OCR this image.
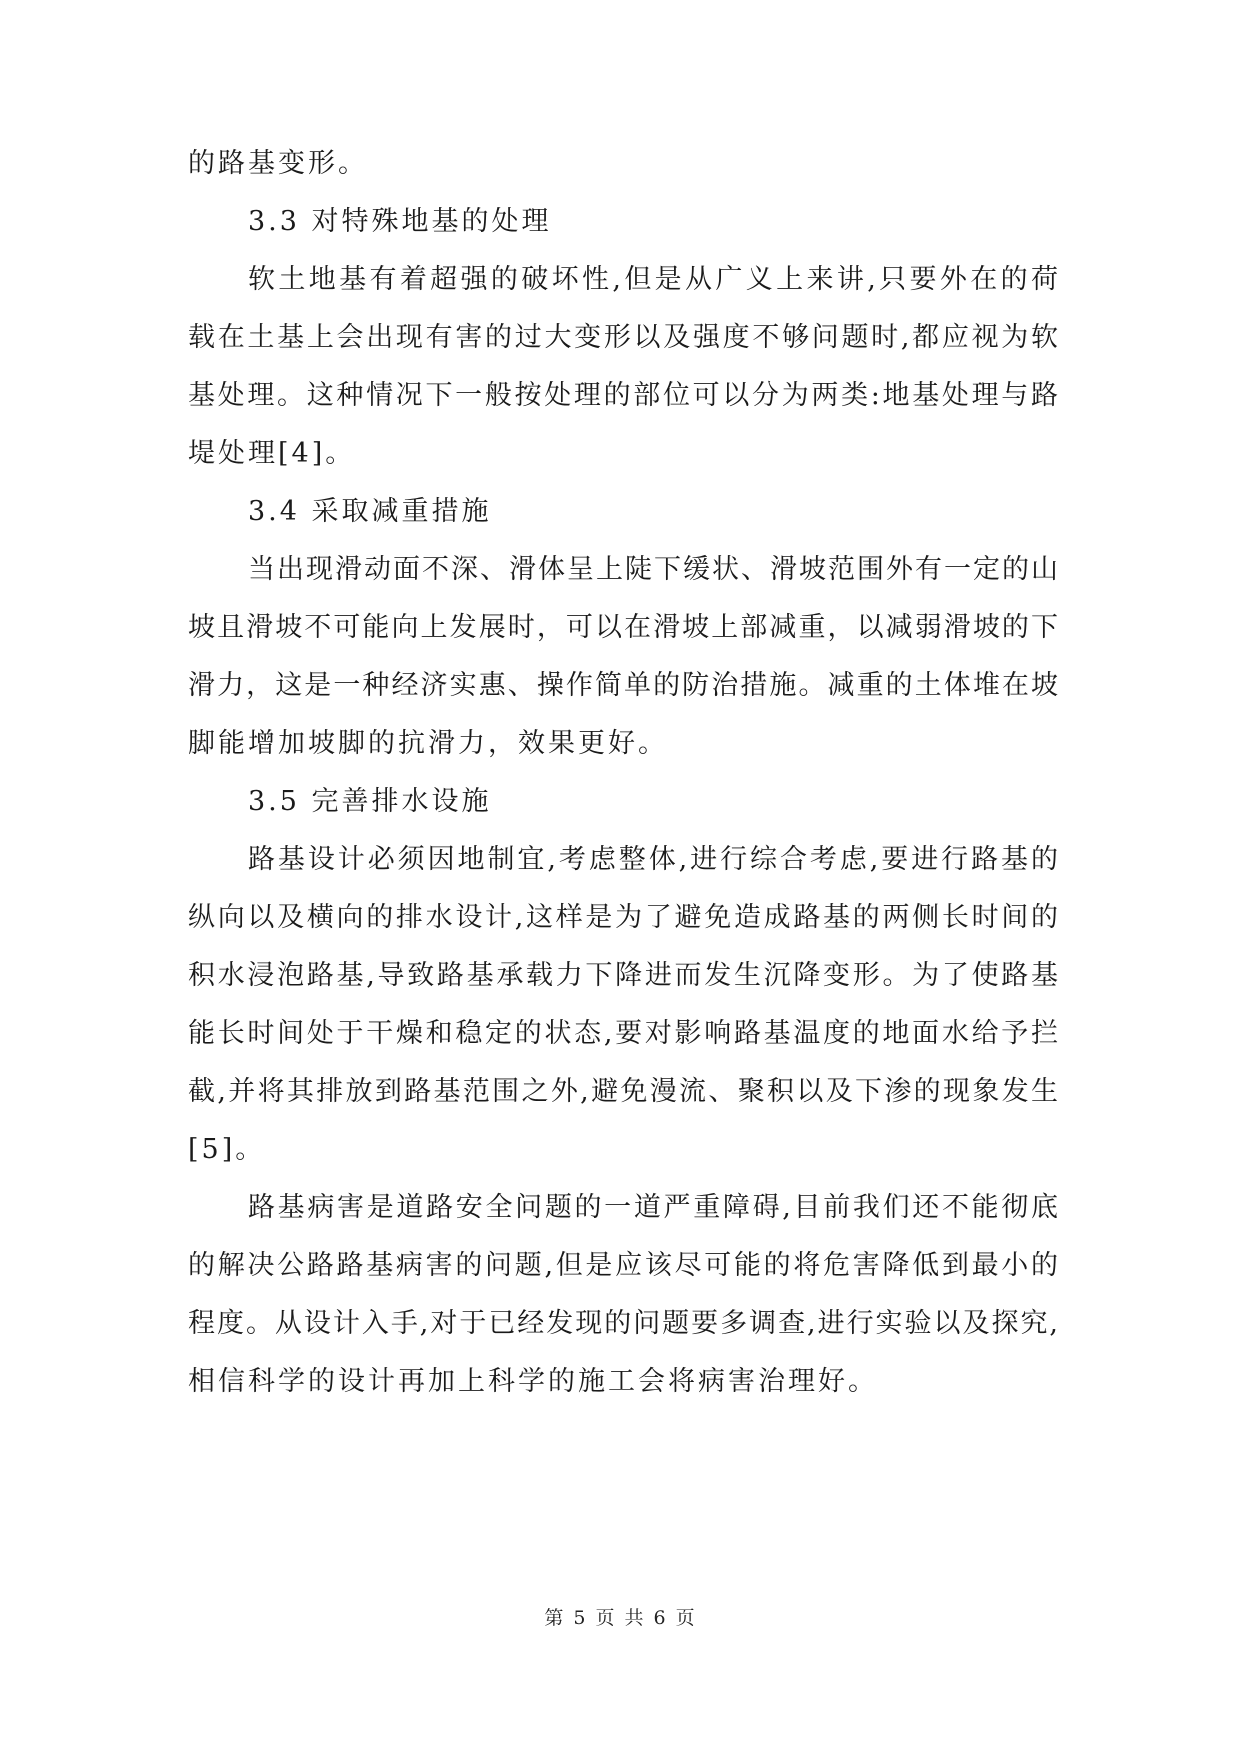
的路基变形。
3.3 对特殊地基的处理
软土地基有着超强的破坏性,但是从广义上来讲,只要外在的荷
载在土基上会出现有害的过大变形以及强度不够问题时,都应视为软
基处理。这种情况下一般按处理的部位可以分为两类:地基处理与路
堤处理[4]。
3.4 采取减重措施
当出现滑动面不深、滑体呈上陡下缓状、滑坡范围外有一定的山
坡且滑坡不可能向上发展时，可以在滑坡上部减重，以减弱滑坡的下
滑力，这是一种经济实惠、操作简单的防治措施。减重的土体堆在坡
脚能增加坡脚的抗滑力，效果更好。
3.5 完善排水设施
路基设计必须因地制宜,考虑整体,进行综合考虑,要进行路基的
纵向以及横向的排水设计,这样是为了避免造成路基的两侧长时间的
积水浸泡路基,导致路基承载力下降进而发生沉降变形。为了使路基
能长时间处于干燥和稳定的状态,要对影响路基温度的地面水给予拦
截,并将其排放到路基范围之外,避免漫流、聚积以及下渗的现象发生
[5]。
路基病害是道路安全问题的一道严重障碍,目前我们还不能彻底
的解决公路路基病害的问题,但是应该尽可能的将危害降低到最小的
程度。从设计入手,对于已经发现的问题要多调查,进行实验以及探究,
相信科学的设计再加上科学的施工会将病害治理好。
第 5 页 共 6 页
